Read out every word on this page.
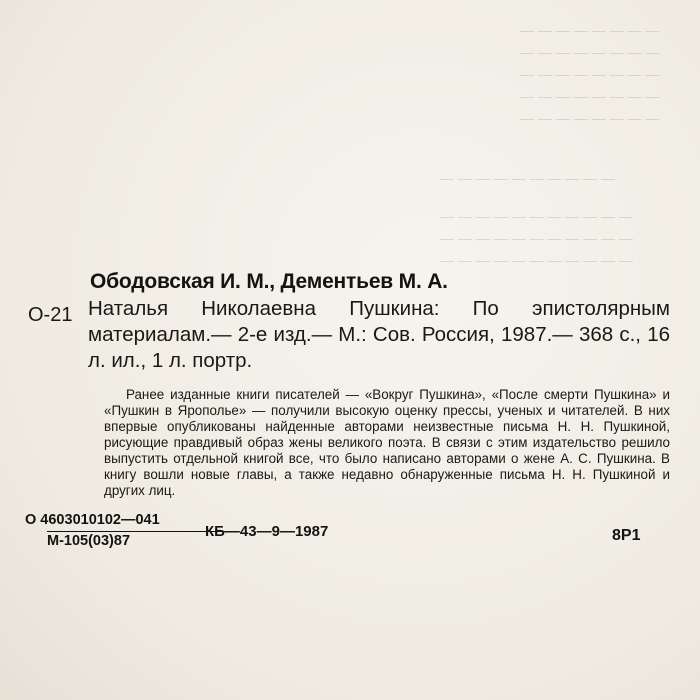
— — — — — — — —
— — — — — — — —
— — — — — — — —
— — — — — — — —
— — — — — — — —
— — — — — — — — — —
— — — — — — — — — — —
— — — — — — — — — — —
— — — — — — — — — — —
Ободовская И. М., Дементьев М. А.
О-21 Наталья Николаевна Пушкина: По эпистолярным материалам.— 2-е изд.— М.: Сов. Россия, 1987.— 368 с., 16 л. ил., 1 л. портр.
Ранее изданные книги писателей — «Вокруг Пушкина», «После смерти Пушкина» и «Пушкин в Ярополье» — получили высокую оценку прессы, ученых и читателей. В них впервые опубликованы найденные авторами неизвестные письма Н. Н. Пушкиной, рисующие правдивый образ жены великого поэта. В связи с этим издательство решило выпустить отдельной книгой все, что было написано авторами о жене А. С. Пушкина. В книгу вошли новые главы, а также недавно обнаруженные письма Н. Н. Пушкиной и других лиц.
О 4603010102—041
М-105(03)87
КБ—43—9—1987	8Р1
